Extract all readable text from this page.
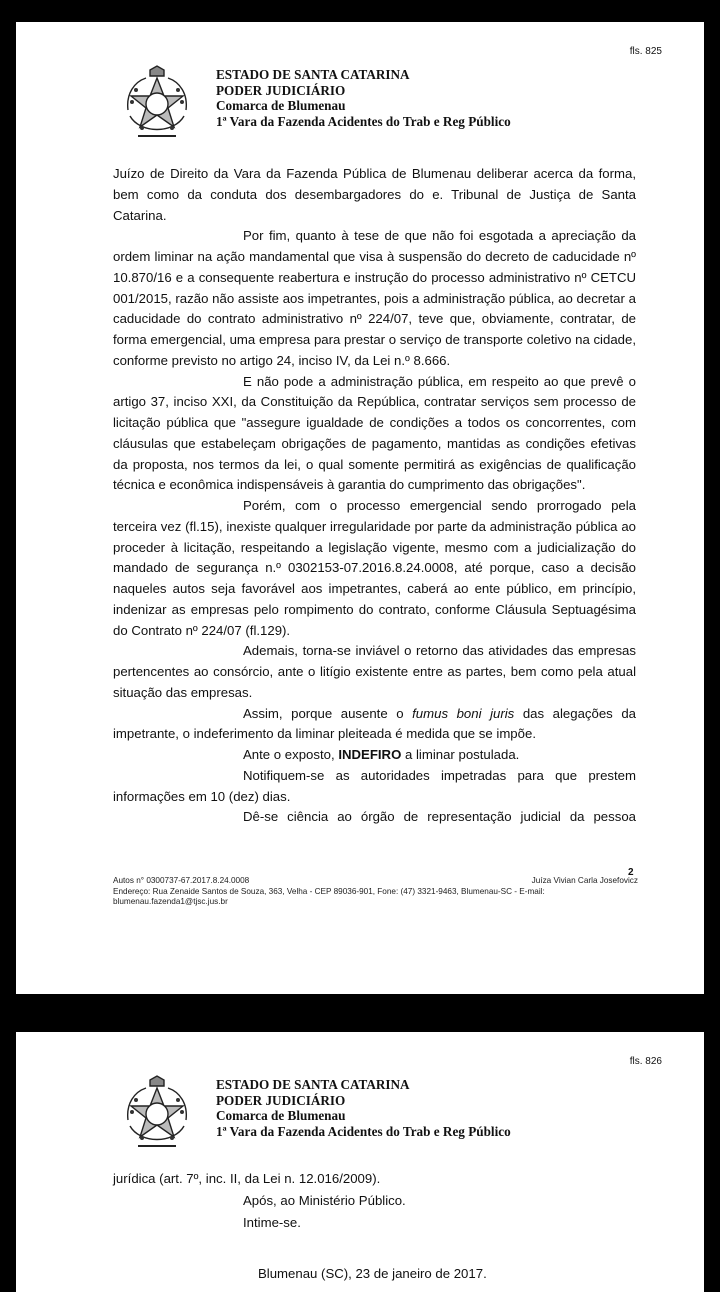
fls. 825
ESTADO DE SANTA CATARINA
PODER JUDICIÁRIO
Comarca de Blumenau
1ª Vara da Fazenda Acidentes do Trab e Reg Público

Juízo de Direito da Vara da Fazenda Pública de Blumenau deliberar acerca da forma, bem como da conduta dos desembargadores do e. Tribunal de Justiça de Santa Catarina.

Por fim, quanto à tese de que não foi esgotada a apreciação da ordem liminar na ação mandamental que visa à suspensão do decreto de caducidade nº 10.870/16 e a consequente reabertura e instrução do processo administrativo nº CETCU 001/2015, razão não assiste aos impetrantes, pois a administração pública, ao decretar a caducidade do contrato administrativo nº 224/07, teve que, obviamente, contratar, de forma emergencial, uma empresa para prestar o serviço de transporte coletivo na cidade, conforme previsto no artigo 24, inciso IV, da Lei n.º 8.666.

E não pode a administração pública, em respeito ao que prevê o artigo 37, inciso XXI, da Constituição da República, contratar serviços sem processo de licitação pública que "assegure igualdade de condições a todos os concorrentes, com cláusulas que estabeleçam obrigações de pagamento, mantidas as condições efetivas da proposta, nos termos da lei, o qual somente permitirá as exigências de qualificação técnica e econômica indispensáveis à garantia do cumprimento das obrigações".

Porém, com o processo emergencial sendo prorrogado pela terceira vez (fl.15), inexiste qualquer irregularidade por parte da administração pública ao proceder à licitação, respeitando a legislação vigente, mesmo com a judicialização do mandado de segurança n.º 0302153-07.2016.8.24.0008, até porque, caso a decisão naqueles autos seja favorável aos impetrantes, caberá ao ente público, em princípio, indenizar as empresas pelo rompimento do contrato, conforme Cláusula Septuagésima do Contrato nº 224/07 (fl.129).

Ademais, torna-se inviável o retorno das atividades das empresas pertencentes ao consórcio, ante o litígio existente entre as partes, bem como pela atual situação das empresas.

Assim, porque ausente o fumus boni juris das alegações da impetrante, o indeferimento da liminar pleiteada é medida que se impõe.

Ante o exposto, INDEFIRO a liminar postulada.

Notifiquem-se as autoridades impetradas para que prestem informações em 10 (dez) dias.

Dê-se ciência ao órgão de representação judicial da pessoa

2
Autos n° 0300737-67.2017.8.24.0008	Juíza Vivian Carla Josefovicz
Endereço: Rua Zenaide Santos de Souza, 363, Velha - CEP 89036-901, Fone: (47) 3321-9463, Blumenau-SC - E-mail:
blumenau.fazenda1@tjsc.jus.br	Este documento foi liberado nos autos em 24/01/2017 às 12:48, é cópia do original assinado digitalmente por VIVIAN CARLA JOSEFOVICZ. Para conferir o original, acesse o site https://esaj.tjsc.jus.br/esaj, informe o processo 0300737-67.2017.8.24.0008 e código B1056A3.
fls. 826
ESTADO DE SANTA CATARINA
PODER JUDICIÁRIO
Comarca de Blumenau
1ª Vara da Fazenda Acidentes do Trab e Reg Público

jurídica (art. 7º, inc. II, da Lei n. 12.016/2009).

Após, ao Ministério Público.

Intime-se.

Blumenau (SC), 23 de janeiro de 2017.
